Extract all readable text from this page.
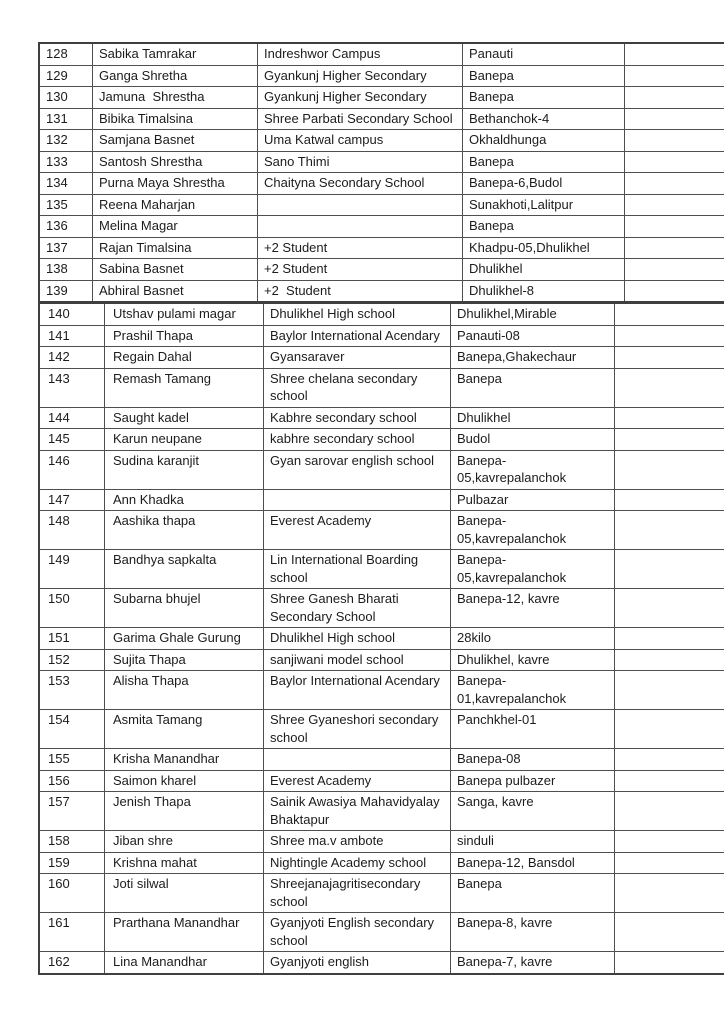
128	Sabika Tamrakar	Indreshwor Campus	Panauti	
129	Ganga Shretha	Gyankunj Higher Secondary	Banepa	
130	Jamuna  Shrestha	Gyankunj Higher Secondary	Banepa	
131	Bibika Timalsina	Shree Parbati Secondary School	Bethanchok-4	
132	Samjana Basnet	Uma Katwal campus	Okhaldhunga	
133	Santosh Shrestha	Sano Thimi	Banepa	
134	Purna Maya Shrestha	Chaityna Secondary School	Banepa-6,Budol	
135	Reena Maharjan		Sunakhoti,Lalitpur	
136	Melina Magar		Banepa	
137	Rajan Timalsina	+2 Student	Khadpu-05,Dhulikhel	
138	Sabina Basnet	+2 Student	Dhulikhel	
139	Abhiral Basnet	+2  Student	Dhulikhel-8	
140	Utshav pulami magar	Dhulikhel High school	Dhulikhel,Mirable	
141	Prashil Thapa	Baylor International Acendary	Panauti-08	
142	Regain Dahal	Gyansaraver	Banepa,Ghakechaur	
143	Remash Tamang	Shree chelana secondary school	Banepa	
144	Saught kadel	Kabhre secondary school	Dhulikhel	
145	Karun neupane	kabhre secondary school	Budol	
146	Sudina karanjit	Gyan sarovar english school	Banepa-05,kavrepalanchok	
147	Ann Khadka		Pulbazar	
148	Aashika thapa	Everest Academy	Banepa-05,kavrepalanchok	
149	Bandhya sapkalta	Lin International Boarding school	Banepa-05,kavrepalanchok	
150	Subarna bhujel	Shree Ganesh Bharati Secondary School	Banepa-12, kavre	
151	Garima Ghale Gurung	Dhulikhel High school	28kilo	
152	Sujita Thapa	sanjiwani model school	Dhulikhel, kavre	
153	Alisha Thapa	Baylor International Acendary	Banepa-01,kavrepalanchok	
154	Asmita Tamang	Shree Gyaneshori secondary school	Panchkhel-01	
155	Krisha Manandhar		Banepa-08	
156	Saimon kharel	Everest Academy	Banepa pulbazer	
157	Jenish Thapa	Sainik Awasiya Mahavidyalay Bhaktapur	Sanga, kavre	
158	Jiban shre	Shree ma.v ambote	sinduli	
159	Krishna mahat	Nightingle Academy school	Banepa-12, Bansdol	
160	Joti silwal	Shreejanajagritisecondary school	Banepa	
161	Prarthana Manandhar	Gyanjyoti English secondary school	Banepa-8, kavre	
162	Lina Manandhar	Gyanjyoti english	Banepa-7, kavre	
